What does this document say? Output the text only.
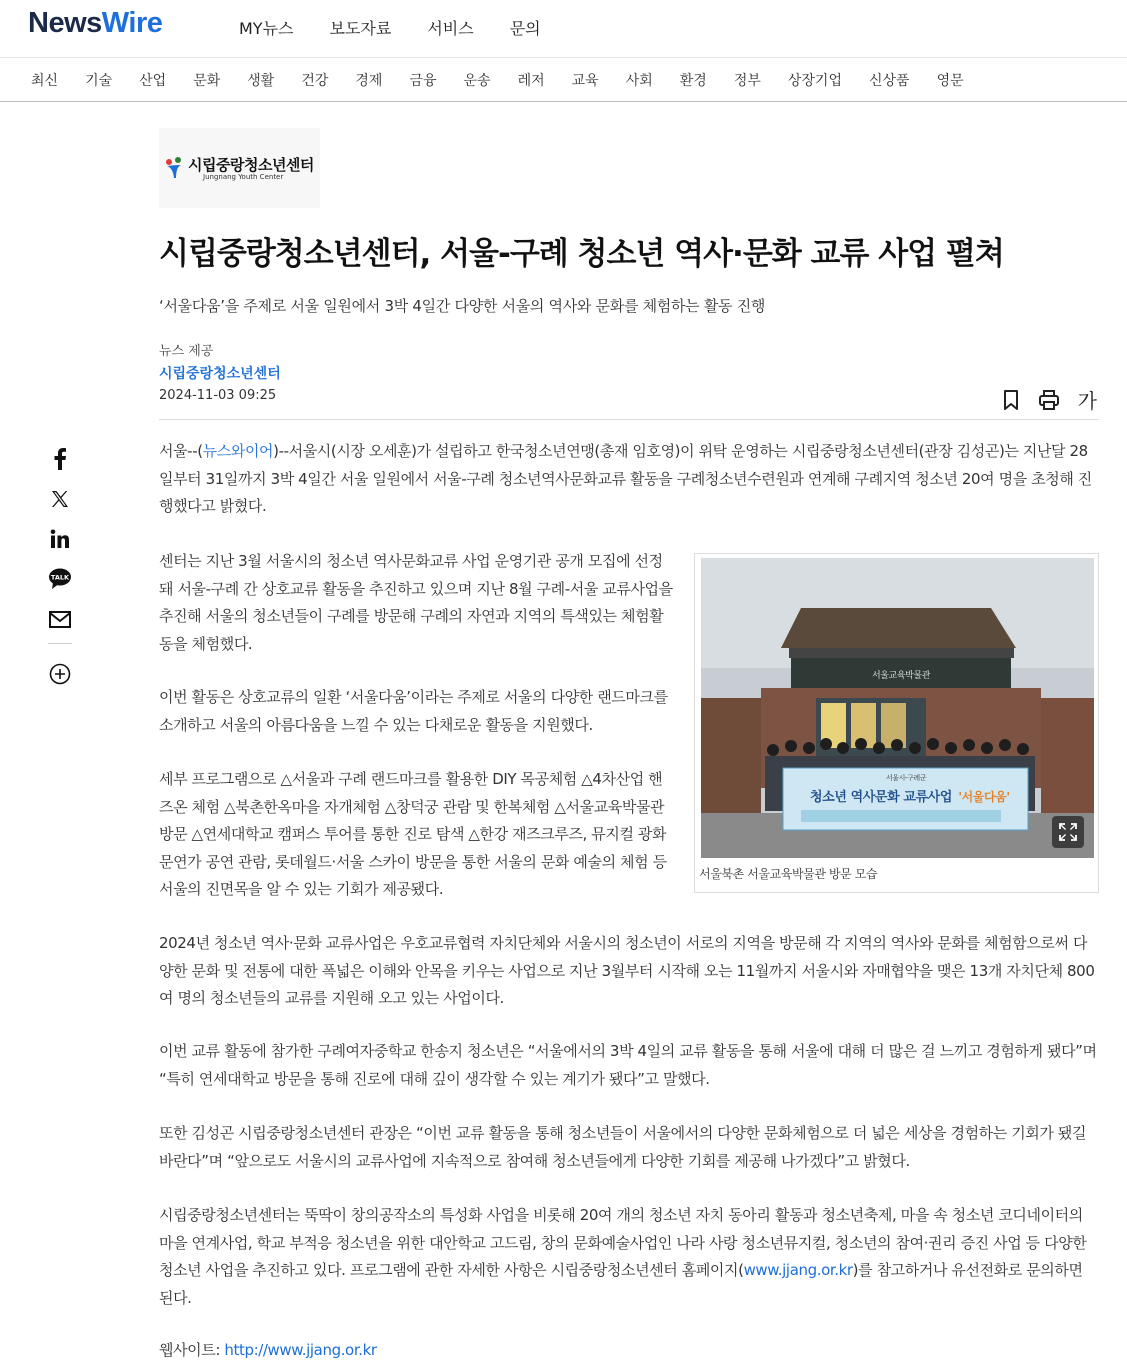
NewsWire	MY뉴스 보도자료 서비스 문의
최신 기술 산업 문화 생활 건강 경제 금융 운송 레저 교육 사회 환경 정부 상장기업 신상품 영문
시립중랑청소년센터
Jungnang Youth Center
시립중랑청소년센터, 서울-구례 청소년 역사·문화 교류 사업 펼쳐
‘서울다움’을 주제로 서울 일원에서 3박 4일간 다양한 서울의 역사와 문화를 체험하는 활동 진행
뉴스 제공
시립중랑청소년센터
2024-11-03 09:25	가
TALK
서울--(뉴스와이어)--서울시(시장 오세훈)가 설립하고 한국청소년연맹(총재 임호영)이 위탁 운영하는 시립중랑청소년센터(관장 김성곤)는 지난달 28일부터 31일까지 3박 4일간 서울 일원에서 서울-구례 청소년역사문화교류 활동을 구례청소년수련원과 연계해 구례지역 청소년 20여 명을 초청해 진행했다고 밝혔다.
센터는 지난 3월 서울시의 청소년 역사문화교류 사업 운영기관 공개 모집에 선정돼 서울-구례 간 상호교류 활동을 추진하고 있으며 지난 8월 구례-서울 교류사업을 추진해 서울의 청소년들이 구례를 방문해 구례의 자연과 지역의 특색있는 체험활동을 체험했다.
이번 활동은 상호교류의 일환 ‘서울다움’이라는 주제로 서울의 다양한 랜드마크를 소개하고 서울의 아름다움을 느낄 수 있는 다채로운 활동을 지원했다.
세부 프로그램으로 △서울과 구례 랜드마크를 활용한 DIY 목공체험 △4차산업 핸즈온 체험 △북촌한옥마을 자개체험 △창덕궁 관람 및 한복체험 △서울교육박물관 방문 △연세대학교 캠퍼스 투어를 통한 진로 탐색 △한강 재즈크루즈, 뮤지컬 광화문연가 공연 관람, 롯데월드·서울 스카이 방문을 통한 서울의 문화 예술의 체험 등 서울의 진면목을 알 수 있는 기회가 제공됐다.
서울교육박물관
서울시-구례군
청소년 역사문화 교류사업 '서울다움'
서울북촌 서울교육박물관 방문 모습
2024년 청소년 역사·문화 교류사업은 우호교류협력 자치단체와 서울시의 청소년이 서로의 지역을 방문해 각 지역의 역사와 문화를 체험함으로써 다양한 문화 및 전통에 대한 폭넓은 이해와 안목을 키우는 사업으로 지난 3월부터 시작해 오는 11월까지 서울시와 자매협약을 맺은 13개 자치단체 800여 명의 청소년들의 교류를 지원해 오고 있는 사업이다.
이번 교류 활동에 참가한 구례여자중학교 한송지 청소년은 “서울에서의 3박 4일의 교류 활동을 통해 서울에 대해 더 많은 걸 느끼고 경험하게 됐다”며 “특히 연세대학교 방문을 통해 진로에 대해 깊이 생각할 수 있는 계기가 됐다”고 말했다.
또한 김성곤 시립중랑청소년센터 관장은 “이번 교류 활동을 통해 청소년들이 서울에서의 다양한 문화체험으로 더 넓은 세상을 경험하는 기회가 됐길 바란다”며 “앞으로도 서울시의 교류사업에 지속적으로 참여해 청소년들에게 다양한 기회를 제공해 나가겠다”고 밝혔다.
시립중랑청소년센터는 뚝딱이 창의공작소의 특성화 사업을 비롯해 20여 개의 청소년 자치 동아리 활동과 청소년축제, 마을 속 청소년 코디네이터의 마을 연계사업, 학교 부적응 청소년을 위한 대안학교 고드림, 창의 문화예술사업인 나라 사랑 청소년뮤지컬, 청소년의 참여·권리 증진 사업 등 다양한 청소년 사업을 추진하고 있다. 프로그램에 관한 자세한 사항은 시립중랑청소년센터 홈페이지(www.jjang.or.kr)를 참고하거나 유선전화로 문의하면 된다.
웹사이트: http://www.jjang.or.kr
